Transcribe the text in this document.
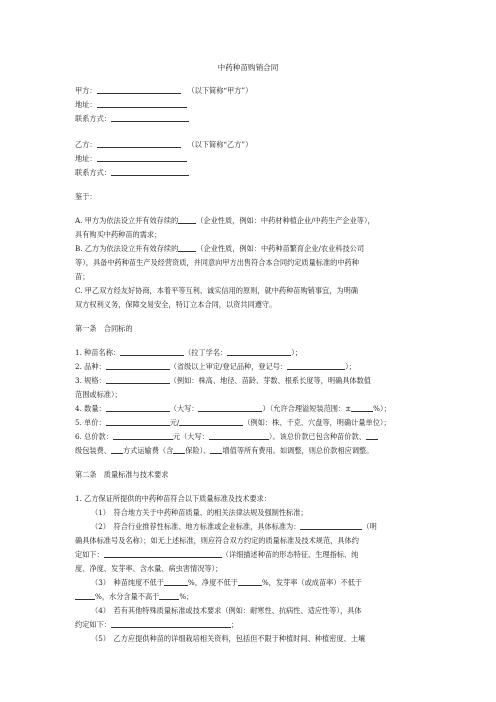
中药种苗购销合同
甲方：	（以下简称“甲方”）
地址：
联系方式：
乙方：	（以下简称“乙方”）
地址：
联系方式：
鉴于：
A. 甲方为依法设立并有效存续的	（企业性质，例如：中药材种植企业/中药生产企业等），
具有购买中药种苗的需求；
B. 乙方为依法设立并有效存续的	（企业性质，例如：中药种苗繁育企业/农业科技公司
等），具备中药种苗生产及经营资质，并同意向甲方出售符合本合同约定质量标准的中药种
苗；
C. 甲乙双方经友好协商，本着平等互利、诚实信用的原则，就中药种苗购销事宜，为明确
双方权利义务，保障交易安全，特订立本合同，以资共同遵守。
第一条　合同标的
1. 种苗名称：	（拉丁学名：	）；
2. 品种：	（省级以上审定/登记品种，登记号：	）；
3. 规格：	（例如：株高、地径、苗龄、芽数、根系长度等，明确具体数值
范围或标准）；
4. 数量：	（大写：	）（允许合理溢短装范围：±	%）；
5. 单价：	元/	（例如：株、千克、穴盘等，明确计量单位）；
6. 总价款：	元（大写：	）。该总价款已包含种苗价款、
级包装费、 方式运输费（含 保险）、 增值等所有费用。如调整，则总价款相应调整。
第二条　质量标准与技术要求
1. 乙方保证所提供的中药种苗符合以下质量标准及技术要求：
（1）　符合地方关于中药种苗质量、的相关法律法规及强制性标准；
（2）　符合行业推荐性标准、地方标准或企业标准，具体标准为：	（明
确具体标准号及名称）；如无上述标准，则应符合双方约定的质量标准及技术规范，具体约
定如下：	（详细描述种苗的形态特征、生理指标、纯
度、净度、发芽率、含水量、病虫害情况等）；
（3）　种苗纯度不低于	%，净度不低于	%，发芽率（或成苗率）不低于
%，水分含量不高于	%；
（4）　若有其他特殊质量标准或技术要求（例如：耐寒性、抗病性、适应性等），具体
约定如下：	；
（5）　乙方应提供种苗的详细栽培相关资料，包括但不限于种植时间、种植密度、土壤
